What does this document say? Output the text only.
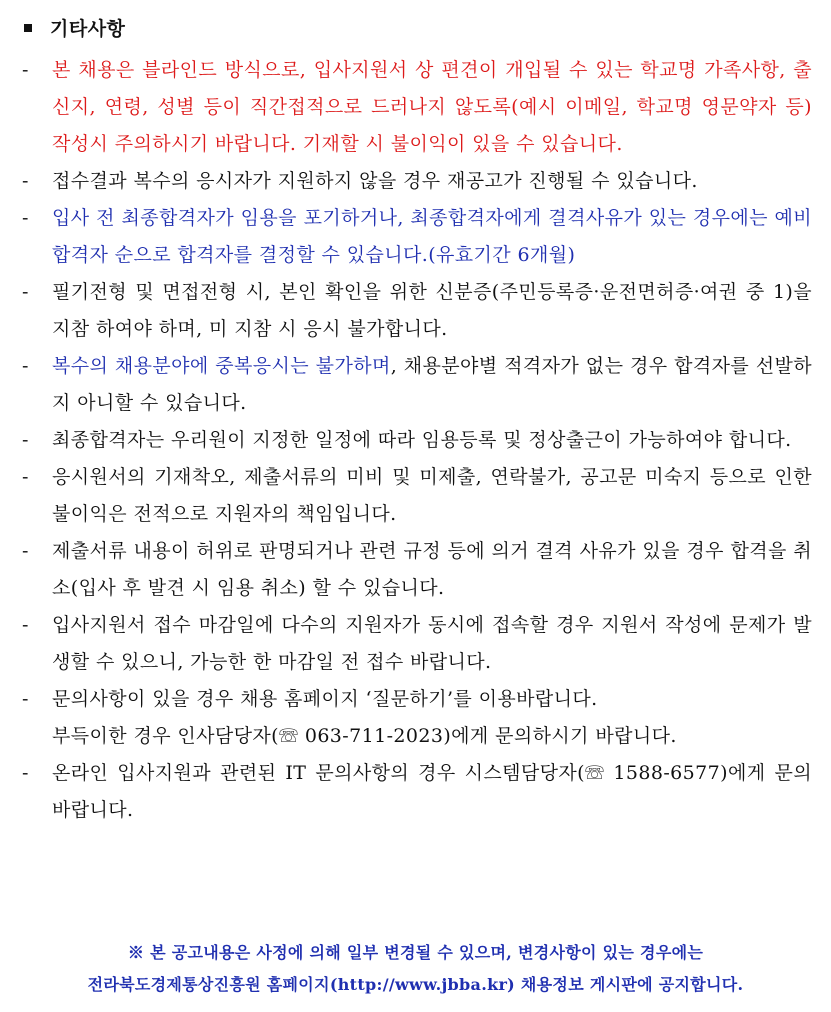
기타사항
-	본 채용은 블라인드 방식으로, 입사지원서 상 편견이 개입될 수 있는 학교명 가족사항, 출신지, 연령, 성별 등이 직간접적으로 드러나지 않도록(예시 이메일, 학교명 영문약자 등) 작성시 주의하시기 바랍니다. 기재할 시 불이익이 있을 수 있습니다.
-	접수결과 복수의 응시자가 지원하지 않을 경우 재공고가 진행될 수 있습니다.
-	입사 전 최종합격자가 임용을 포기하거나, 최종합격자에게 결격사유가 있는 경우에는 예비합격자 순으로 합격자를 결정할 수 있습니다.(유효기간 6개월)
-	필기전형 및 면접전형 시, 본인 확인을 위한 신분증(주민등록증·운전면허증·여권 중 1)을 지참 하여야 하며, 미 지참 시 응시 불가합니다.
-	복수의 채용분야에 중복응시는 불가하며, 채용분야별 적격자가 없는 경우 합격자를 선발하지 아니할 수 있습니다.
-	최종합격자는 우리원이 지정한 일정에 따라 임용등록 및 정상출근이 가능하여야 합니다.
-	응시원서의 기재착오, 제출서류의 미비 및 미제출, 연락불가, 공고문 미숙지 등으로 인한 불이익은 전적으로 지원자의 책임입니다.
-	제출서류 내용이 허위로 판명되거나 관련 규정 등에 의거 결격 사유가 있을 경우 합격을 취소(입사 후 발견 시 임용 취소) 할 수 있습니다.
-	입사지원서 접수 마감일에 다수의 지원자가 동시에 접속할 경우 지원서 작성에 문제가 발생할 수 있으니, 가능한 한 마감일 전 접수 바랍니다.
-	문의사항이 있을 경우 채용 홈페이지 ‘질문하기’를 이용바랍니다.
부득이한 경우 인사담당자(☏ 063-711-2023)에게 문의하시기 바랍니다.
-	온라인 입사지원과 관련된 IT 문의사항의 경우 시스템담당자(☏ 1588-6577)에게 문의 바랍니다.
※ 본 공고내용은 사정에 의해 일부 변경될 수 있으며, 변경사항이 있는 경우에는
전라북도경제통상진흥원 홈페이지(http://www.jbba.kr) 채용정보 게시판에 공지합니다.
